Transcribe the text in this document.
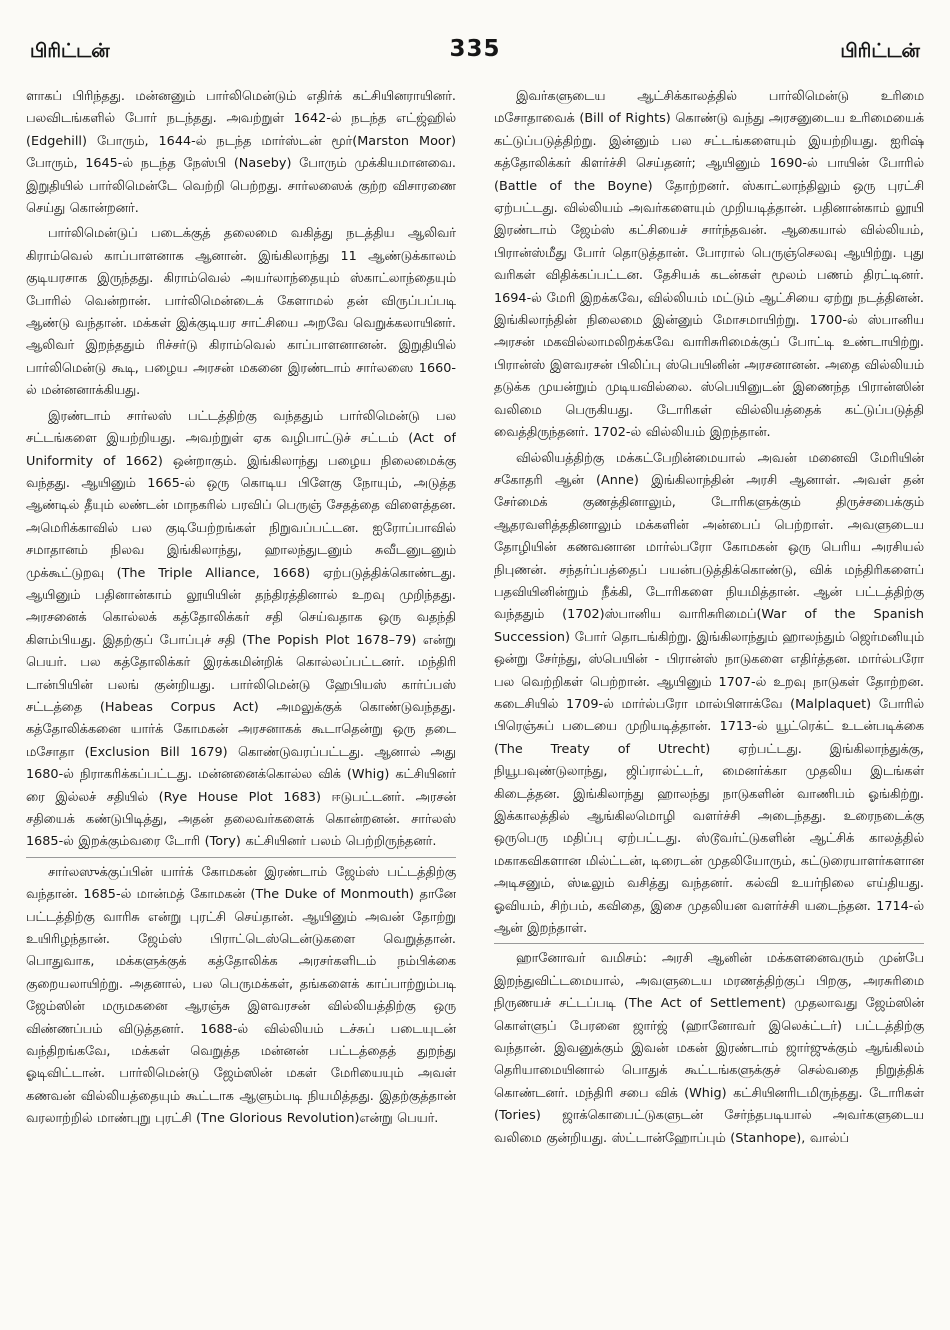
பிரிட்டன்	335	பிரிட்டன்

ளாகப் பிரிந்தது. மன்னனும் பார்லிமென்டும் எதிர்க் கட்சியினராயினர். பலவிடங்களில் போர் நடந்தது. அவற்றுள் 1642-ல் நடந்த எட்ஜ்ஹில் (Edgehill) போரும், 1644-ல் நடந்த மார்ஸ்டன் மூர்(Marston Moor) போரும், 1645-ல் நடந்த நேஸ்பி (Naseby) போரும் முக்கியமானவை. இறுதியில் பார்லிமென்டே வெற்றி பெற்றது. சார்லஸைக் குற்ற விசாரணை செய்து கொன்றனர்.

பார்லிமென்டுப் படைக்குத் தலைமை வகித்து நடத்திய ஆலிவர் கிராம்வெல் காப்பாளனாக ஆனான். இங்கிலாந்து 11 ஆண்டுக்காலம் குடியரசாக இருந்தது. கிராம்வெல் அயர்லாந்தையும் ஸ்காட்லாந்தையும் போரில் வென்றான். பார்லிமென்டைக் கேளாமல் தன் விருப்பப்படி ஆண்டு வந்தான். மக்கள் இக்குடியர சாட்சியை அறவே வெறுக்கலாயினர். ஆலிவர் இறந்ததும் ரிச்சர்டு கிராம்வெல் காப்பாளனானன். இறுதியில் பார்லிமென்டு கூடி, பழைய அரசன் மகனை இரண்டாம் சார்லஸை 1660-ல் மன்னனாக்கியது.

இரண்டாம் சார்லஸ் பட்டத்திற்கு வந்ததும் பார்லிமென்டு பல சட்டங்களை இயற்றியது. அவற்றுள் ஏக வழிபாட்டுச் சட்டம் (Act of Uniformity of 1662) ஒன்றாகும். இங்கிலாந்து பழைய நிலைமைக்கு வந்தது. ஆயினும் 1665-ல் ஒரு கொடிய பிளேகு நோயும், அடுத்த ஆண்டில் தீயும் லண்டன் மாநகரில் பரவிப் பெருஞ் சேதத்தை விளைத்தன. அமெரிக்காவில் பல குடியேற்றங்கள் நிறுவப்பட்டன. ஐரோப்பாவில் சமாதானம் நிலவ இங்கிலாந்து, ஹாலந்துடனும் சுவீடனுடனும் முக்கூட்டுறவு (The Triple Alliance, 1668) ஏற்படுத்திக்கொண்டது. ஆயினும் பதினான்காம் லூயியின் தந்திரத்தினால் உறவு முறிந்தது. அரசனைக் கொல்லக் கத்தோலிக்கர் சதி செய்வதாக ஒரு வதந்தி கிளம்பியது. இதற்குப் போப்புச் சதி (The Popish Plot 1678–79) என்று பெயர். பல கத்தோலிக்கர் இரக்கமின்றிக் கொல்லப்பட்டனர். மந்திரி டான்பியின் பலங் குன்றியது. பார்லிமென்டு ஹேபியஸ் கார்ப்பஸ் சட்டத்தை (Habeas Corpus Act) அமலுக்குக் கொண்டுவந்தது. கத்தோலிக்கனை யார்க் கோமகன் அரசனாகக் கூடாதென்று ஒரு தடை மசோதா (Exclusion Bill 1679) கொண்டுவரப்பட்டது. ஆனால் அது 1680-ல் நிராகரிக்கப்பட்டது. மன்னனைக்கொல்ல விக் (Whig) கட்சியினர் ரை இல்லச் சதியில் (Rye House Plot 1683) ஈடுபட்டனர். அரசன் சதியைக் கண்டுபிடித்து, அதன் தலைவர்களைக் கொன்றனன். சார்லஸ் 1685-ல் இறக்கும்வரை டோரி (Tory) கட்சியினர் பலம் பெற்றிருந்தனர்.

சார்லஸுக்குப்பின் யார்க் கோமகன் இரண்டாம் ஜேம்ஸ் பட்டத்திற்கு வந்தான். 1685-ல் மான்மத் கோமகன் (The Duke of Monmouth) தானே பட்டத்திற்கு வாரிசு என்று புரட்சி செய்தான். ஆயினும் அவன் தோற்று உயிரிழந்தான். ஜேம்ஸ் பிராட்டெஸ்டென்டுகளை வெறுத்தான். பொதுவாக, மக்களுக்குக் கத்தோலிக்க அரசர்களிடம் நம்பிக்கை குறையலாயிற்று. அதனால், பல பெருமக்கள், தங்களைக் காப்பாற்றும்படி ஜேம்ஸின் மருமகனை ஆரஞ்சு இளவரசன் வில்லியத்திற்கு ஒரு விண்ணப்பம் விடுத்தனர். 1688-ல் வில்லியம் டச்சுப் படையுடன் வந்திறங்கவே, மக்கள் வெறுத்த மன்னன் பட்டத்தைத் துறந்து ஓடிவிட்டான். பார்லிமென்டு ஜேம்ஸின் மகள் மேரியையும் அவள் கணவன் வில்லியத்தையும் கூட்டாக ஆளும்படி நியமித்தது. இதற்குத்தான் வரலாற்றில் மாண்புறு புரட்சி (Tne Glorious Revolution)என்று பெயர்.

இவர்களுடைய ஆட்சிக்காலத்தில் பார்லிமென்டு உரிமை மசோதாவைக் (Bill of Rights) கொண்டு வந்து அரசனுடைய உரிமையைக் கட்டுப்படுத்திற்று. இன்னும் பல சட்டங்களையும் இயற்றியது. ஐரிஷ் கத்தோலிக்கர் கிளர்ச்சி செய்தனர்; ஆயினும் 1690-ல் பாயின் போரில் (Battle of the Boyne) தோற்றனர். ஸ்காட்லாந்திலும் ஒரு புரட்சி ஏற்பட்டது. வில்லியம் அவர்களையும் முறியடித்தான். பதினான்காம் லூயி இரண்டாம் ஜேம்ஸ் கட்சியைச் சார்ந்தவன். ஆகையால் வில்லியம், பிரான்ஸ்மீது போர் தொடுத்தான். போரால் பெருஞ்செலவு ஆயிற்று. புது வரிகள் விதிக்கப்பட்டன. தேசியக் கடன்கள் மூலம் பணம் திரட்டினர். 1694-ல் மேரி இறக்கவே, வில்லியம் மட்டும் ஆட்சியை ஏற்று நடத்தினன். இங்கிலாந்தின் நிலைமை இன்னும் மோசமாயிற்று. 1700-ல் ஸ்பானிய அரசன் மகவில்லாமலிறக்கவே வாரிசுரிமைக்குப் போட்டி உண்டாயிற்று. பிரான்ஸ் இளவரசன் பிலிப்பு ஸ்பெயினின் அரசனானன். அதை வில்லியம் தடுக்க முயன்றும் முடியவில்லை. ஸ்பெயினுடன் இணைந்த பிரான்ஸின் வலிமை பெருகியது. டோரிகள் வில்லியத்தைக் கட்டுப்படுத்தி வைத்திருந்தனர். 1702-ல் வில்லியம் இறந்தான்.

வில்லியத்திற்கு மக்கட்பேறின்மையால் அவன் மனைவி மேரியின் சகோதரி ஆன் (Anne) இங்கிலாந்தின் அரசி ஆனாள். அவள் தன் சேர்மைக் குணத்தினாலும், டோரிகளுக்கும் திருச்சபைக்கும் ஆதரவளித்ததினாலும் மக்களின் அன்பைப் பெற்றாள். அவளுடைய தோழியின் கணவனான மார்ல்பரோ கோமகன் ஒரு பெரிய அரசியல் நிபுணன். சந்தர்ப்பத்தைப் பயன்படுத்திக்கொண்டு, விக் மந்திரிகளைப் பதவியினின்றும் நீக்கி, டோரிகளை நியமித்தான். ஆன் பட்டத்திற்கு வந்ததும் (1702)ஸ்பானிய வாரிசுரிமைப்(War of the Spanish Succession) போர் தொடங்கிற்று. இங்கிலாந்தும் ஹாலந்தும் ஜெர்மனியும் ஒன்று சேர்ந்து, ஸ்பெயின் - பிரான்ஸ் நாடுகளை எதிர்த்தன. மார்ல்பரோ பல வெற்றிகள் பெற்றான். ஆயினும் 1707-ல் உறவு நாடுகள் தோற்றன. கடைசியில் 1709-ல் மார்ல்பரோ மால்பிளாக்வே (Malplaquet) போரில் பிரெஞ்சுப் படையை முறியடித்தான். 1713-ல் யூட்ரெக்ட் உடன்படிக்கை (The Treaty of Utrecht) ஏற்பட்டது. இங்கிலாந்துக்கு, நியூபவுண்டுலாந்து, ஜிப்ரால்ட்டர், மைனர்க்கா முதலிய இடங்கள் கிடைத்தன. இங்கிலாந்து ஹாலந்து நாடுகளின் வாணிபம் ஓங்கிற்று. இக்காலத்தில் ஆங்கிலமொழி வளர்ச்சி அடைந்தது. உரைநடைக்கு ஒருபெரு மதிப்பு ஏற்பட்டது. ஸ்டூவர்ட்டுகளின் ஆட்சிக் காலத்தில் மகாகவிகளான மில்ட்டன், டிரைடன் முதலியோரும், கட்டுரையாளர்களான அடிசனும், ஸ்டீலும் வசித்து வந்தனர். கல்வி உயர்நிலை எய்தியது. ஓவியம், சிற்பம், கவிதை, இசை முதலியன வளர்ச்சி யடைந்தன. 1714-ல் ஆன் இறந்தாள்.

ஹானோவர் வமிசம்: அரசி ஆனின் மக்களனைவரும் முன்பே இறந்துவிட்டமையால், அவளுடைய மரணத்திற்குப் பிறகு, அரசுரிமை நிருணயச் சட்டப்படி (The Act of Settlement) முதலாவது ஜேம்ஸின் கொள்ளுப் பேரனை ஜார்ஜ் (ஹானோவர் இலெக்ட்டர்) பட்டத்திற்கு வந்தான். இவனுக்கும் இவன் மகன் இரண்டாம் ஜார்ஜுக்கும் ஆங்கிலம் தெரியாமையினால் பொதுக் கூட்டங்களுக்குச் செல்வதை நிறுத்திக் கொண்டனர். மந்திரி சபை விக் (Whig) கட்சியினரிடமிருந்தது. டோரிகள் (Tories) ஜாக்கொபைட்டுகளுடன் சேர்ந்தபடியால் அவர்களுடைய வலிமை குன்றியது. ஸ்ட்டான்ஹோப்பும் (Stanhope), வால்ப்
